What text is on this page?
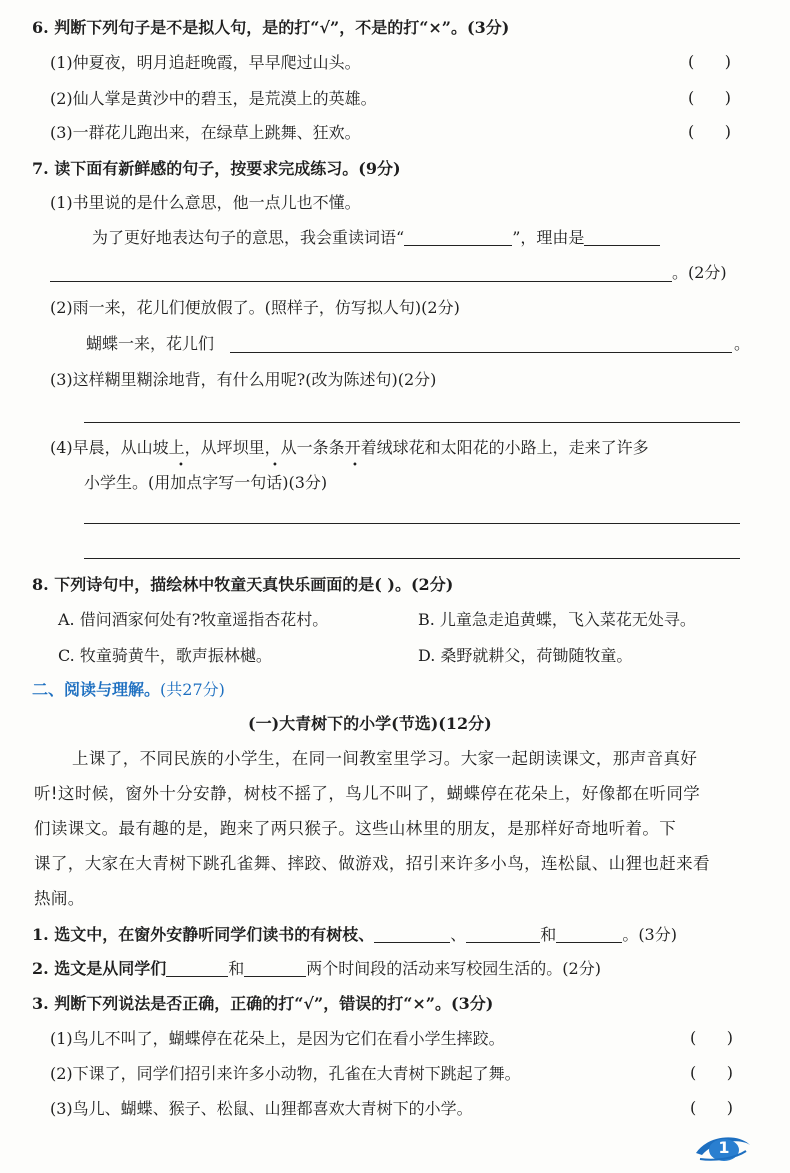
6. 判断下列句子是不是拟人句，是的打“√”，不是的打“×”。(3分)
(1)仲夏夜，明月追赶晚霞，早早爬过山头。	(      )
(2)仙人掌是黄沙中的碧玉，是荒漠上的英雄。	(      )
(3)一群花儿跑出来，在绿草上跳舞、狂欢。	(      )
7. 读下面有新鲜感的句子，按要求完成练习。(9分)
(1)书里说的是什么意思，他一点儿也不懂。
为了更好地表达句子的意思，我会重读词语“	”，理由是
。(2分)
(2)雨一来，花儿们便放假了。(照样子，仿写拟人句)(2分)
蝴蝶一来，花儿们	。
(3)这样糊里糊涂地背，有什么用呢?(改为陈述句)(2分)
(4)早晨，从山坡上，从坪坝里，从一条条开着绒球花和太阳花的小路上，走来了许多
•	•	•
小学生。(用加点字写一句话)(3分)
8. 下列诗句中，描绘林中牧童天真快乐画面的是( )。(2分)
A. 借问酒家何处有?牧童遥指杏花村。	B. 儿童急走追黄蝶，飞入菜花无处寻。
C. 牧童骑黄牛，歌声振林樾。	D. 桑野就耕父，荷锄随牧童。
二、阅读与理解。(共27分)
(一)大青树下的小学(节选)(12分)
上课了，不同民族的小学生，在同一间教室里学习。大家一起朗读课文，那声音真好
听!这时候，窗外十分安静，树枝不摇了，鸟儿不叫了，蝴蝶停在花朵上，好像都在听同学
们读课文。最有趣的是，跑来了两只猴子。这些山林里的朋友，是那样好奇地听着。下
课了，大家在大青树下跳孔雀舞、摔跤、做游戏，招引来许多小鸟，连松鼠、山狸也赶来看
热闹。
1. 选文中，在窗外安静听同学们读书的有树枝、	、	和	。(3分)
2. 选文是从同学们	和	两个时间段的活动来写校园生活的。(2分)
3. 判断下列说法是否正确，正确的打“√”，错误的打“×”。(3分)
(1)鸟儿不叫了，蝴蝶停在花朵上，是因为它们在看小学生摔跤。	(      )
(2)下课了，同学们招引来许多小动物，孔雀在大青树下跳起了舞。	(      )
(3)鸟儿、蝴蝶、猴子、松鼠、山狸都喜欢大青树下的小学。	(      )
1
